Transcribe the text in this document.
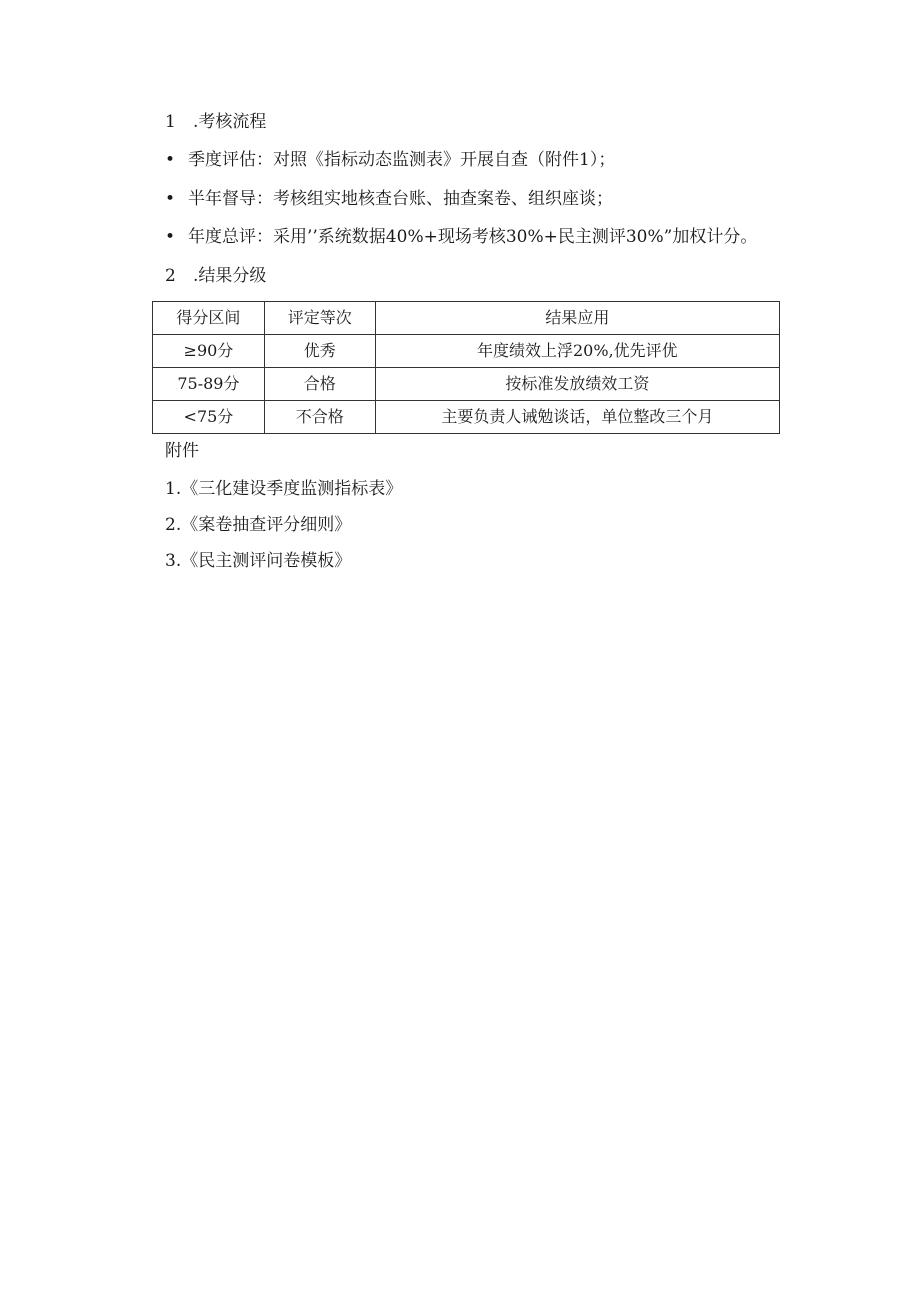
1 .考核流程
• 季度评估：对照《指标动态监测表》开展自查（附件1）；
• 半年督导：考核组实地核查台账、抽查案卷、组织座谈；
• 年度总评：采用’’系统数据40%+现场考核30%+民主测评30%”加权计分。
2 .结果分级
得分区间	评定等次	结果应用
≥90分	优秀	年度绩效上浮20%,优先评优
75-89分	合格	按标准发放绩效工资
<75分	不合格	主要负责人诫勉谈话，单位整改三个月
附件
1.《三化建设季度监测指标表》
2.《案卷抽查评分细则》
3.《民主测评问卷模板》
